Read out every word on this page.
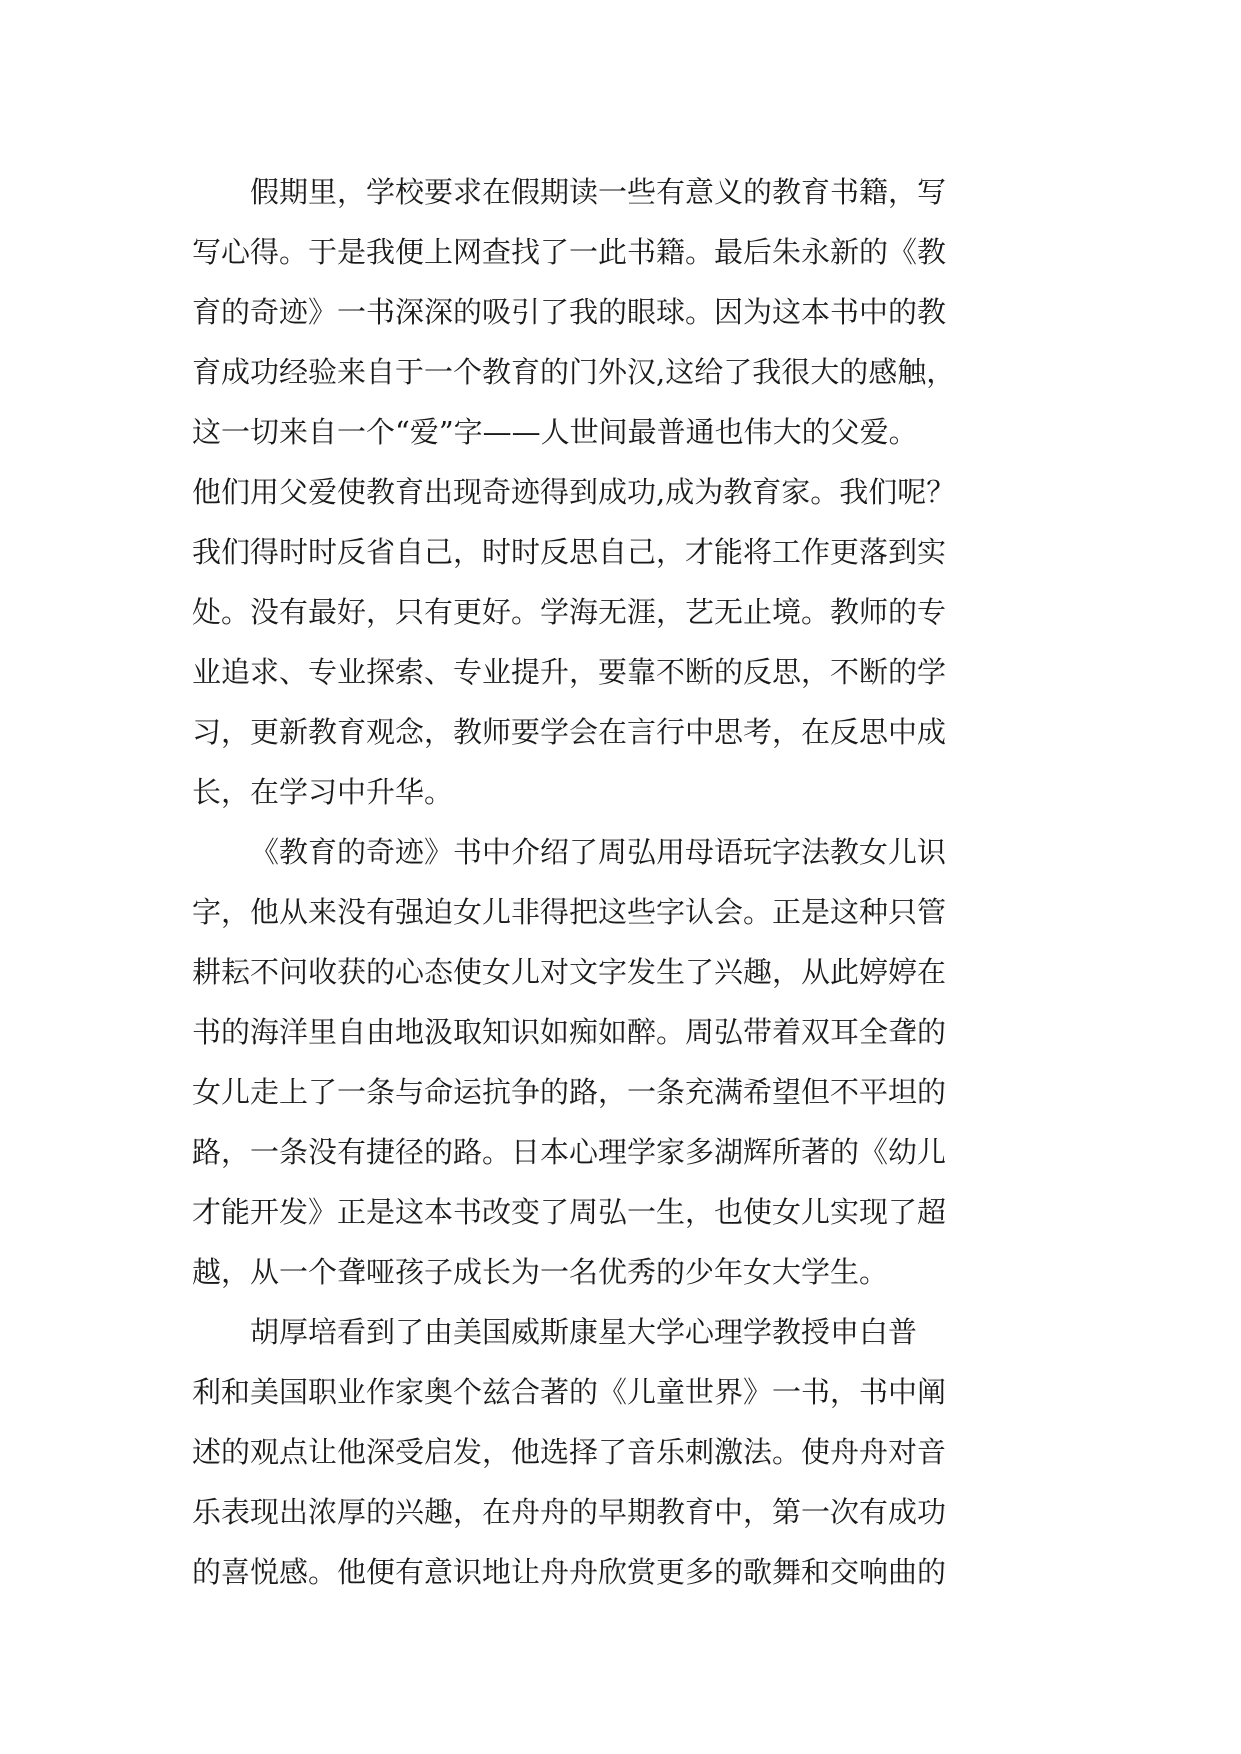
假期里，学校要求在假期读一些有意义的教育书籍，写
写心得。于是我便上网查找了一此书籍。最后朱永新的《教
育的奇迹》一书深深的吸引了我的眼球。因为这本书中的教
育成功经验来自于一个教育的门外汉,这给了我很大的感触，
这一切来自一个“爱”字——人世间最普通也伟大的父爱。
他们用父爱使教育出现奇迹得到成功,成为教育家。我们呢？
我们得时时反省自己，时时反思自己，才能将工作更落到实
处。没有最好，只有更好。学海无涯，艺无止境。教师的专
业追求、专业探索、专业提升，要靠不断的反思，不断的学
习，更新教育观念，教师要学会在言行中思考，在反思中成
长，在学习中升华。
《教育的奇迹》书中介绍了周弘用母语玩字法教女儿识
字，他从来没有强迫女儿非得把这些字认会。正是这种只管
耕耘不问收获的心态使女儿对文字发生了兴趣，从此婷婷在
书的海洋里自由地汲取知识如痴如醉。周弘带着双耳全聋的
女儿走上了一条与命运抗争的路，一条充满希望但不平坦的
路，一条没有捷径的路。日本心理学家多湖辉所著的《幼儿
才能开发》正是这本书改变了周弘一生，也使女儿实现了超
越，从一个聋哑孩子成长为一名优秀的少年女大学生。
胡厚培看到了由美国威斯康星大学心理学教授申白普
利和美国职业作家奥个兹合著的《儿童世界》一书，书中阐
述的观点让他深受启发，他选择了音乐刺激法。使舟舟对音
乐表现出浓厚的兴趣，在舟舟的早期教育中，第一次有成功
的喜悦感。他便有意识地让舟舟欣赏更多的歌舞和交响曲的
